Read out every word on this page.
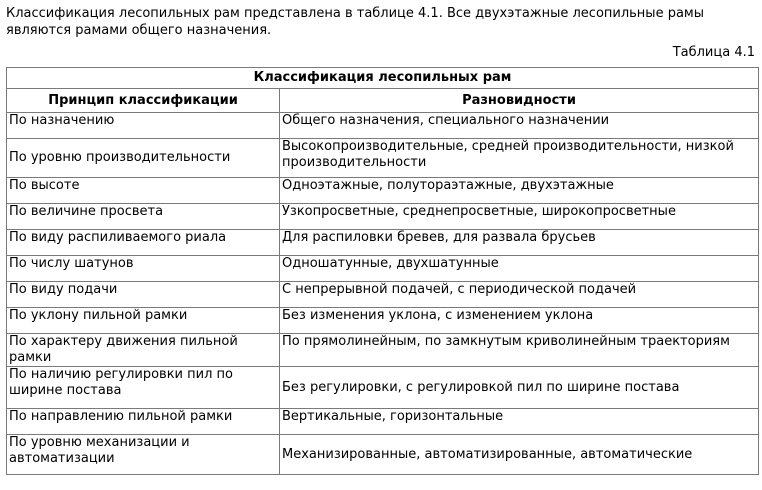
Классификация лесопильных рам представлена в таблице 4.1. Все двухэтажные лесопильные рамы являются рамами общего назначения.

Таблица 4.1

Классификация лесопильных рам	
Принцип классификации	Разновидности
По назначению	Общего назначения, специального назначении
По уровню производительности	Высокопроизводительные, средней производительности, низкой производительности
По высоте	Одноэтажные, полутораэтажные, двухэтажные
По величине просвета	Узкопросветные, среднепросветные, широкопросветные
По виду распиливаемого риала	Для распиловки бревев, для развала брусьев
По числу шатунов	Одношатунные, двухшатунные
По виду подачи	С непрерывной подачей, с периодической подачей
По уклону пильной рамки	Без изменения уклона, с изменением уклона
По характеру движения пильной рамки	По прямолинейным, по замкнутым криволинейным траекториям
По наличию регулировки пил по ширине постава	Без регулировки, с регулировкой пил по ширине постава
По направлению пильной рамки	Вертикальные, горизонтальные
По уровню механизации и автоматизации	Механизированные, автоматизированные, автоматические
